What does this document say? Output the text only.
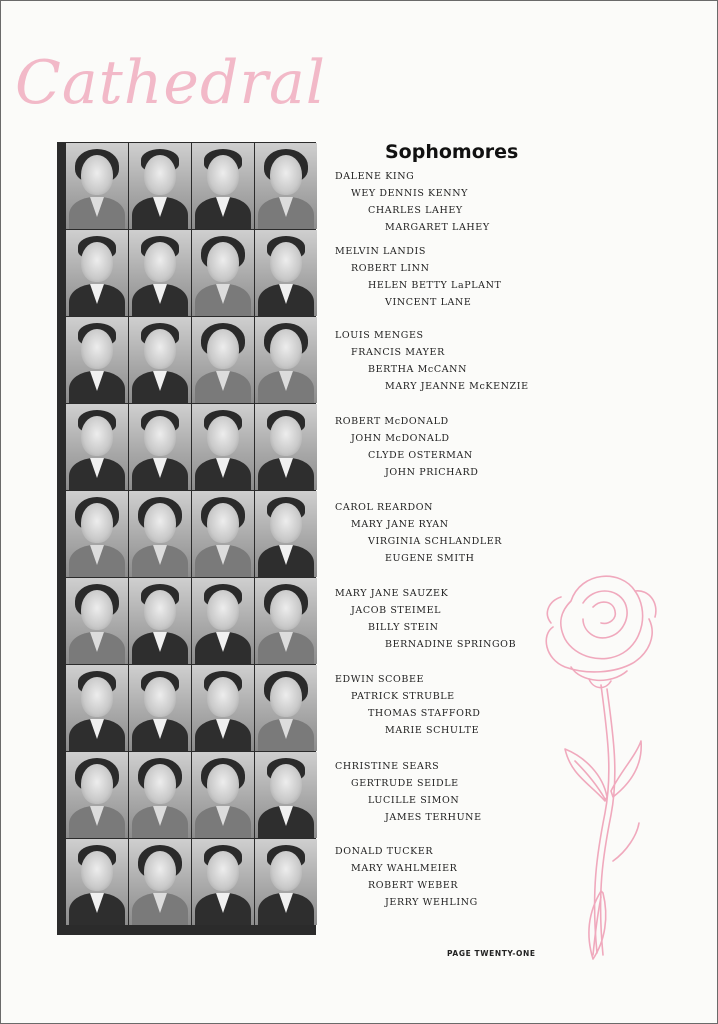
Cathedral
Sophomores
DALENE KING
WEY DENNIS KENNY
CHARLES LAHEY
MARGARET LAHEY
MELVIN LANDIS
ROBERT LINN
HELEN BETTY LaPLANT
VINCENT LANE
LOUIS MENGES
FRANCIS MAYER
BERTHA McCANN
MARY JEANNE McKENZIE
ROBERT McDONALD
JOHN McDONALD
CLYDE OSTERMAN
JOHN PRICHARD
CAROL REARDON
MARY JANE RYAN
VIRGINIA SCHLANDLER
EUGENE SMITH
MARY JANE SAUZEK
JACOB STEIMEL
BILLY STEIN
BERNADINE SPRINGOB
EDWIN SCOBEE
PATRICK STRUBLE
THOMAS STAFFORD
MARIE SCHULTE
CHRISTINE SEARS
GERTRUDE SEIDLE
LUCILLE SIMON
JAMES TERHUNE
DONALD TUCKER
MARY WAHLMEIER
ROBERT WEBER
JERRY WEHLING
PAGE TWENTY-ONE
